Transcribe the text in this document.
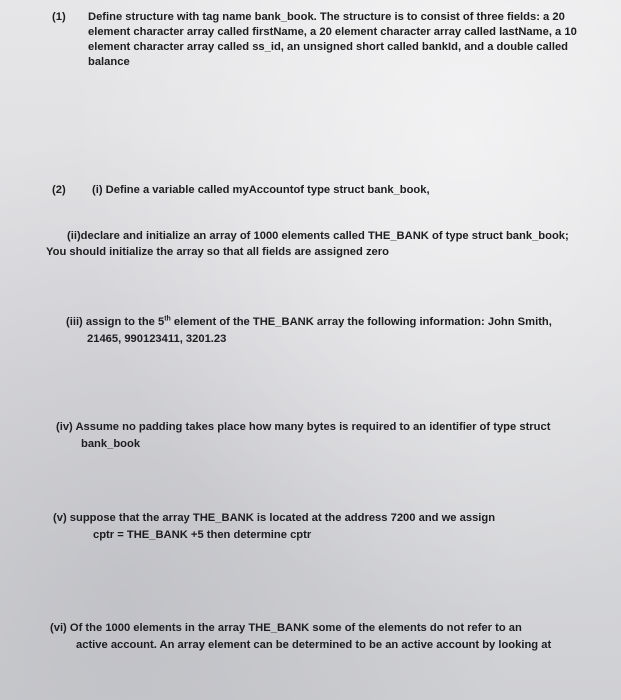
(1) Define structure with tag name bank_book. The structure is to consist of three fields: a 20 element character array called firstName, a 20 element character array called lastName, a 10 element character array called ss_id, an unsigned short called bankId, and a double called balance
(2) (i) Define a variable called myAccountof type struct bank_book,
(ii)declare and initialize an array of 1000 elements called THE_BANK of type struct bank_book;
You should initialize the array so that all fields are assigned zero
(iii) assign to the 5th element of the THE_BANK array the following information: John Smith,
21465, 990123411, 3201.23
(iv) Assume no padding takes place how many bytes is required to an identifier of type struct
bank_book
(v) suppose that the array THE_BANK is located at the address 7200 and we assign
cptr = THE_BANK +5 then determine cptr
(vi) Of the 1000 elements in the array THE_BANK some of the elements do not refer to an
active account. An array element can be determined to be an active account by looking at
